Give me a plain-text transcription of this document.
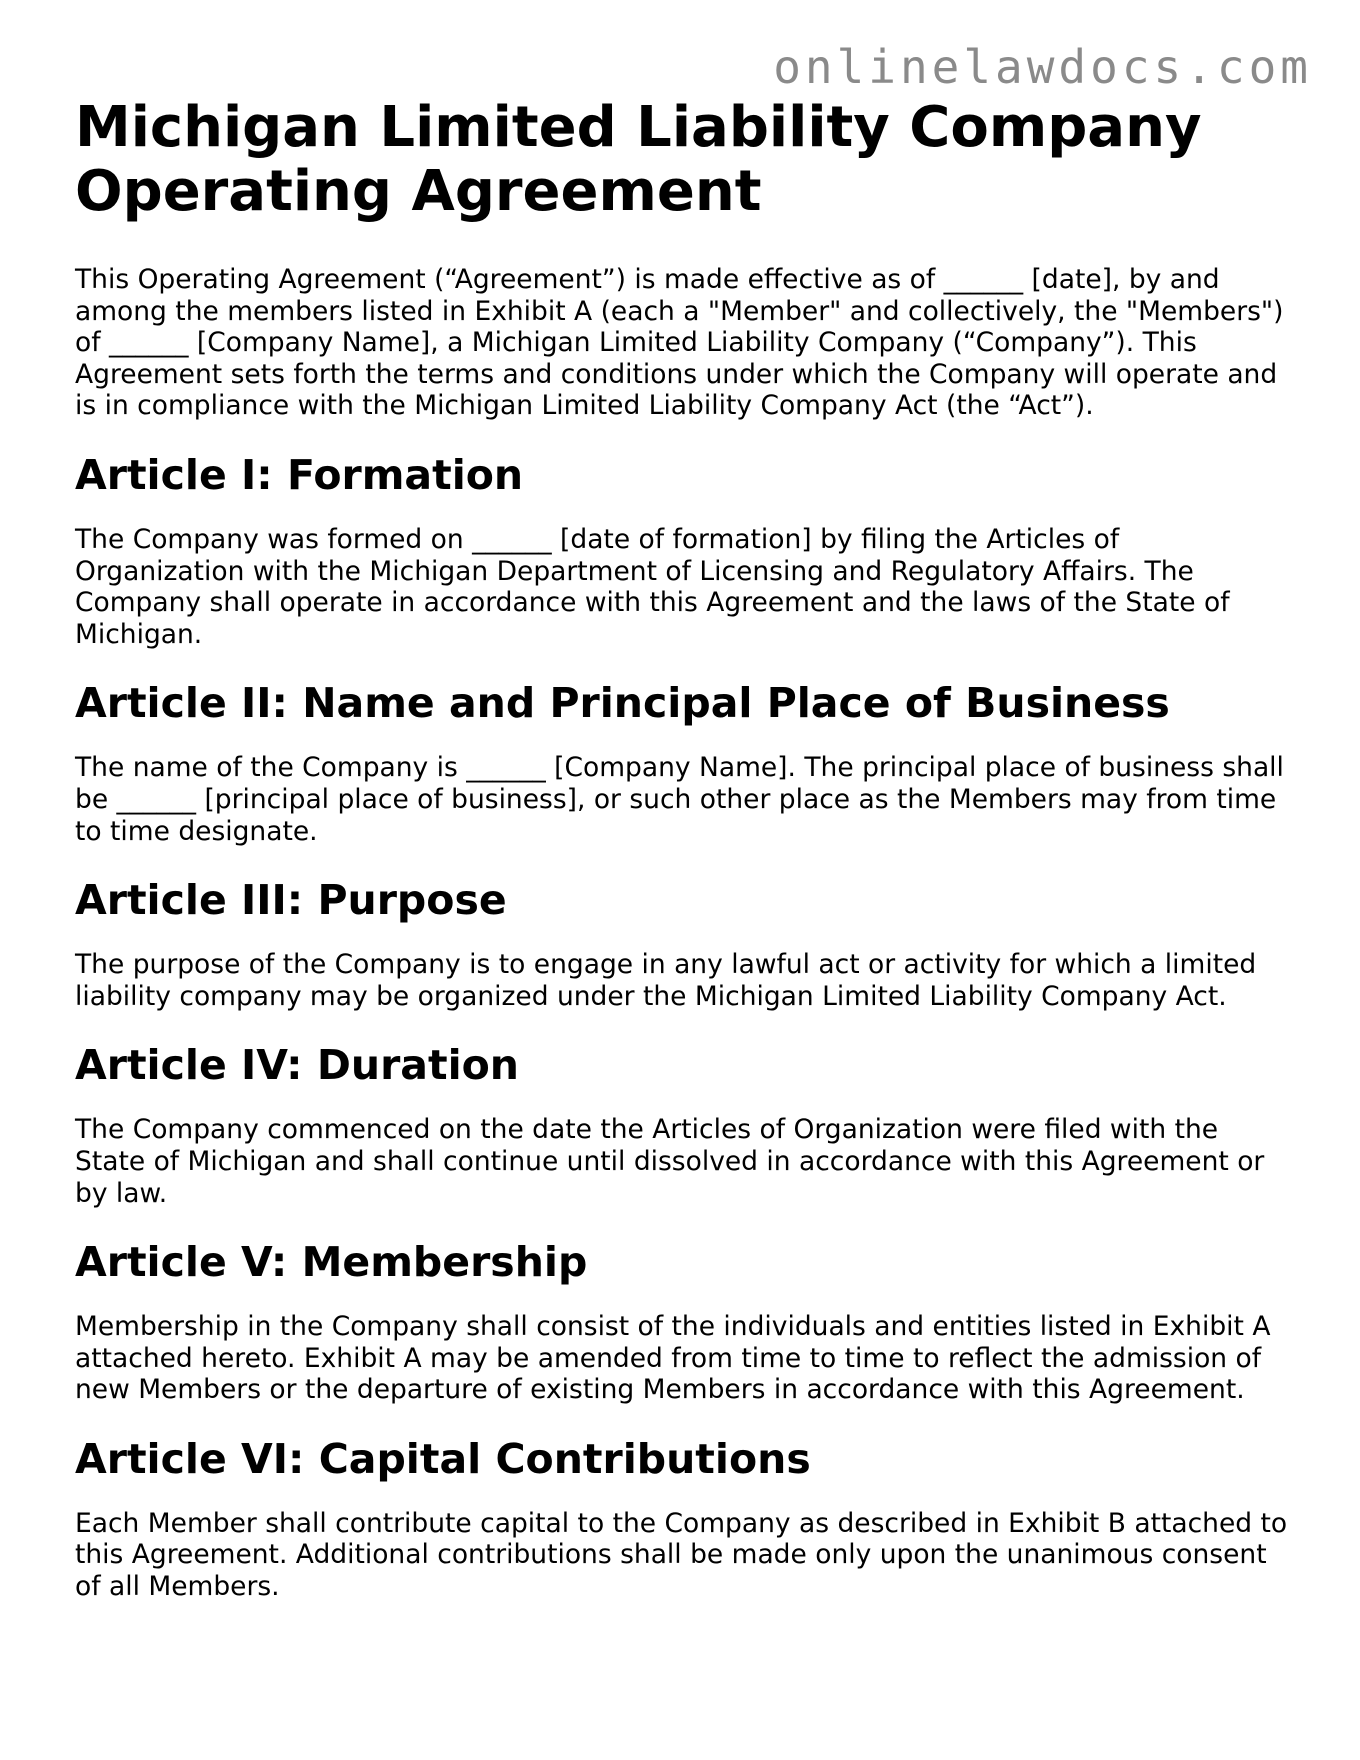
onlinelawdocs.com
Michigan Limited Liability Company Operating Agreement

This Operating Agreement (“Agreement”) is made effective as of ______ [date], by and among the members listed in Exhibit A (each a "Member" and collectively, the "Members") of ______ [Company Name], a Michigan Limited Liability Company (“Company”). This Agreement sets forth the terms and conditions under which the Company will operate and is in compliance with the Michigan Limited Liability Company Act (the “Act”).

Article I: Formation

The Company was formed on ______ [date of formation] by filing the Articles of Organization with the Michigan Department of Licensing and Regulatory Affairs. The Company shall operate in accordance with this Agreement and the laws of the State of Michigan.

Article II: Name and Principal Place of Business

The name of the Company is ______ [Company Name]. The principal place of business shall be ______ [principal place of business], or such other place as the Members may from time to time designate.

Article III: Purpose

The purpose of the Company is to engage in any lawful act or activity for which a limited liability company may be organized under the Michigan Limited Liability Company Act.

Article IV: Duration

The Company commenced on the date the Articles of Organization were filed with the State of Michigan and shall continue until dissolved in accordance with this Agreement or by law.

Article V: Membership

Membership in the Company shall consist of the individuals and entities listed in Exhibit A attached hereto. Exhibit A may be amended from time to time to reflect the admission of new Members or the departure of existing Members in accordance with this Agreement.

Article VI: Capital Contributions

Each Member shall contribute capital to the Company as described in Exhibit B attached to this Agreement. Additional contributions shall be made only upon the unanimous consent of all Members.
